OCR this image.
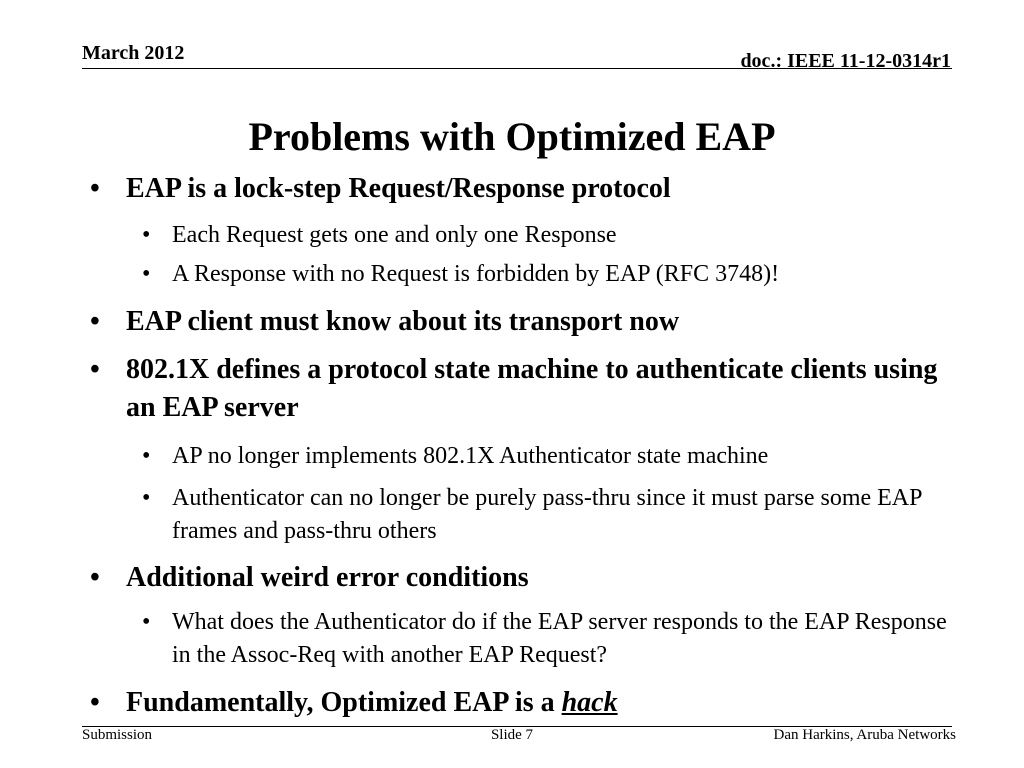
March 2012	doc.: IEEE 11-12-0314r1
Problems with Optimized EAP
• EAP is a lock-step Request/Response protocol
• Each Request gets one and only one Response
• A Response with no Request is forbidden by EAP (RFC 3748)!
• EAP client must know about its transport now
• 802.1X defines a protocol state machine to authenticate clients using an EAP server
• AP no longer implements 802.1X Authenticator state machine
• Authenticator can no longer be purely pass-thru since it must parse some EAP frames and pass-thru others
• Additional weird error conditions
• What does the Authenticator do if the EAP server responds to the EAP Response in the Assoc-Req with another EAP Request?
• Fundamentally, Optimized EAP is a hack
Submission	Slide 7	Dan Harkins, Aruba Networks
